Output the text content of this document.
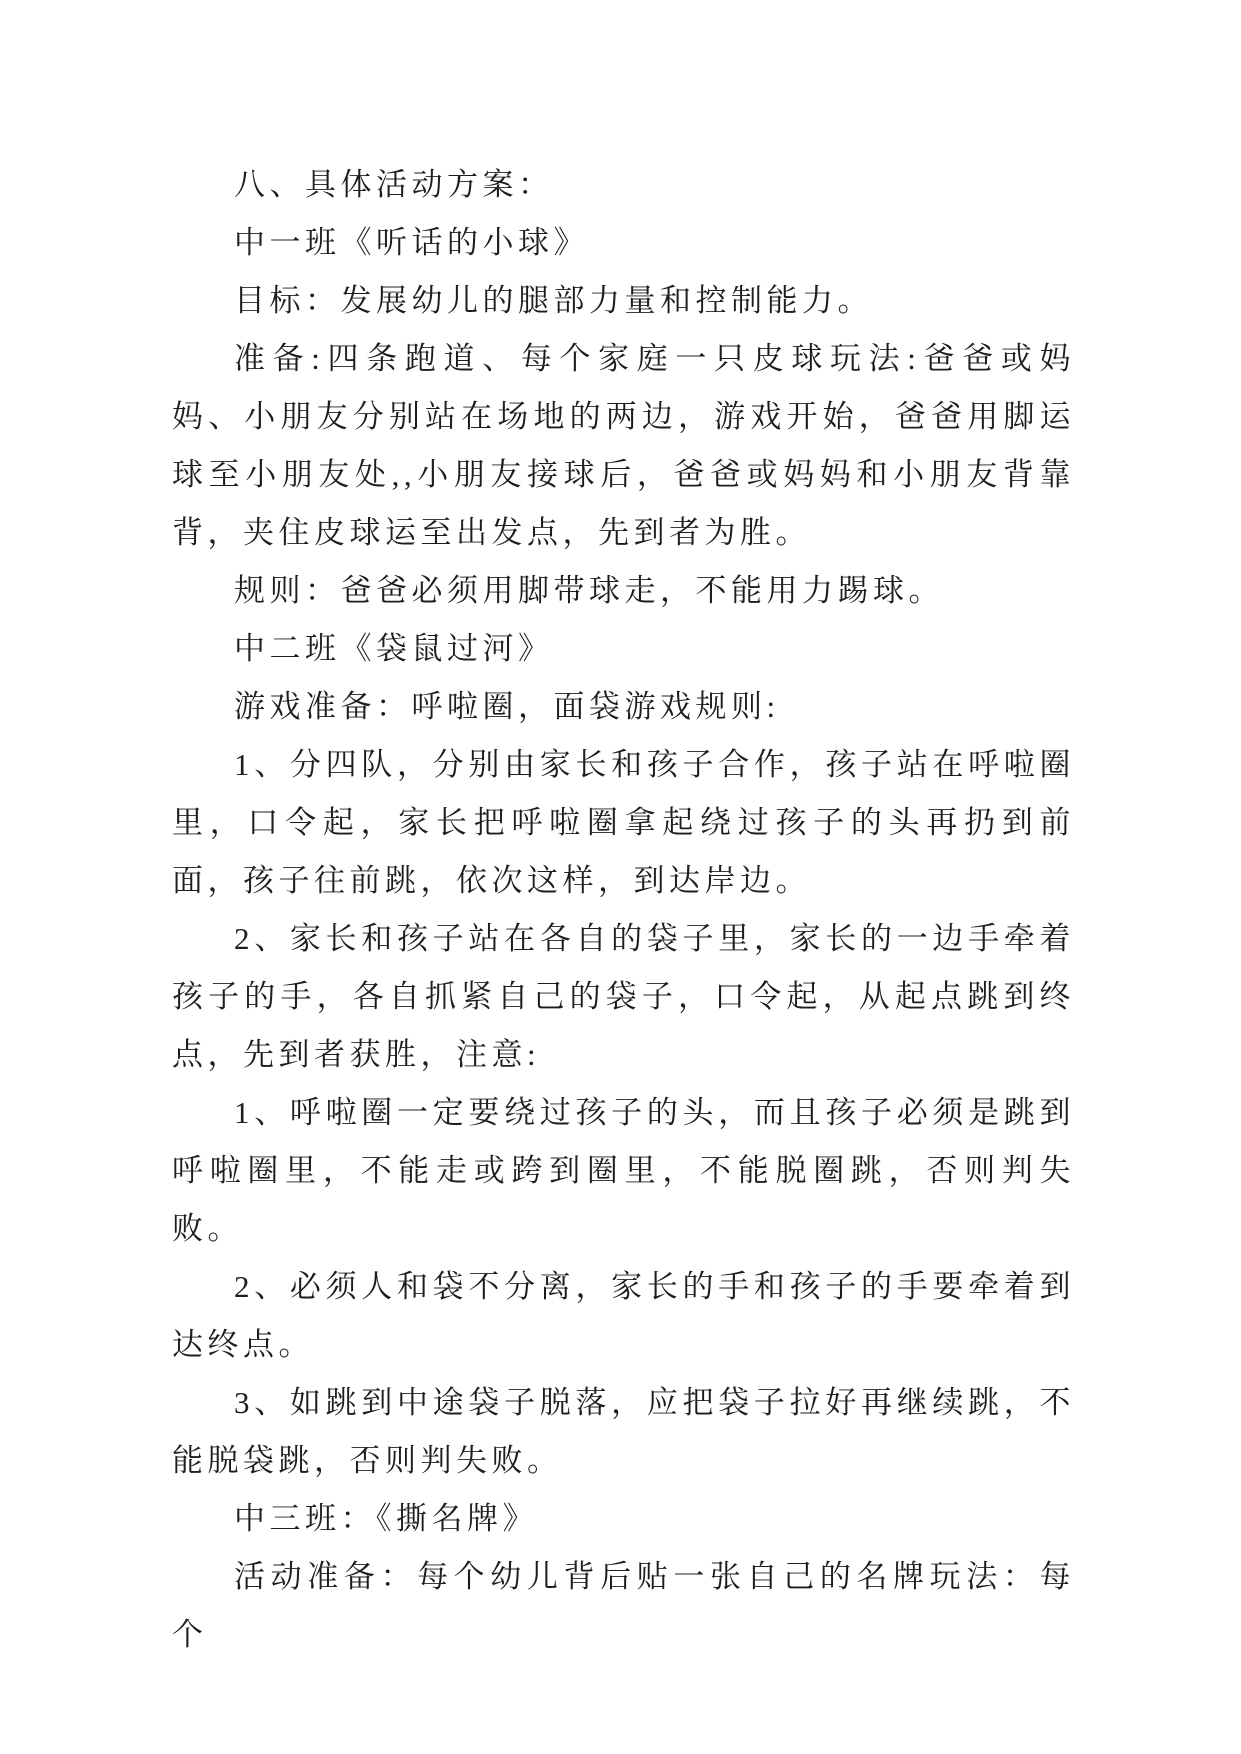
八、具体活动方案：

中一班《听话的小球》

目标：发展幼儿的腿部力量和控制能力。

准备:四条跑道、每个家庭一只皮球玩法:爸爸或妈妈、小朋友分别站在场地的两边，游戏开始，爸爸用脚运球至小朋友处,,小朋友接球后，爸爸或妈妈和小朋友背靠背，夹住皮球运至出发点，先到者为胜。

规则：爸爸必须用脚带球走，不能用力踢球。

中二班《袋鼠过河》

游戏准备：呼啦圈，面袋游戏规则:

1、分四队，分别由家长和孩子合作，孩子站在呼啦圈里，口令起，家长把呼啦圈拿起绕过孩子的头再扔到前面，孩子往前跳，依次这样，到达岸边。

2、家长和孩子站在各自的袋子里，家长的一边手牵着孩子的手，各自抓紧自己的袋子，口令起，从起点跳到终点，先到者获胜，注意:

1、呼啦圈一定要绕过孩子的头，而且孩子必须是跳到呼啦圈里，不能走或跨到圈里，不能脱圈跳，否则判失败。

2、必须人和袋不分离，家长的手和孩子的手要牵着到达终点。

3、如跳到中途袋子脱落，应把袋子拉好再继续跳，不能脱袋跳，否则判失败。

中三班：《撕名牌》

活动准备：每个幼儿背后贴一张自己的名牌玩法：每个
